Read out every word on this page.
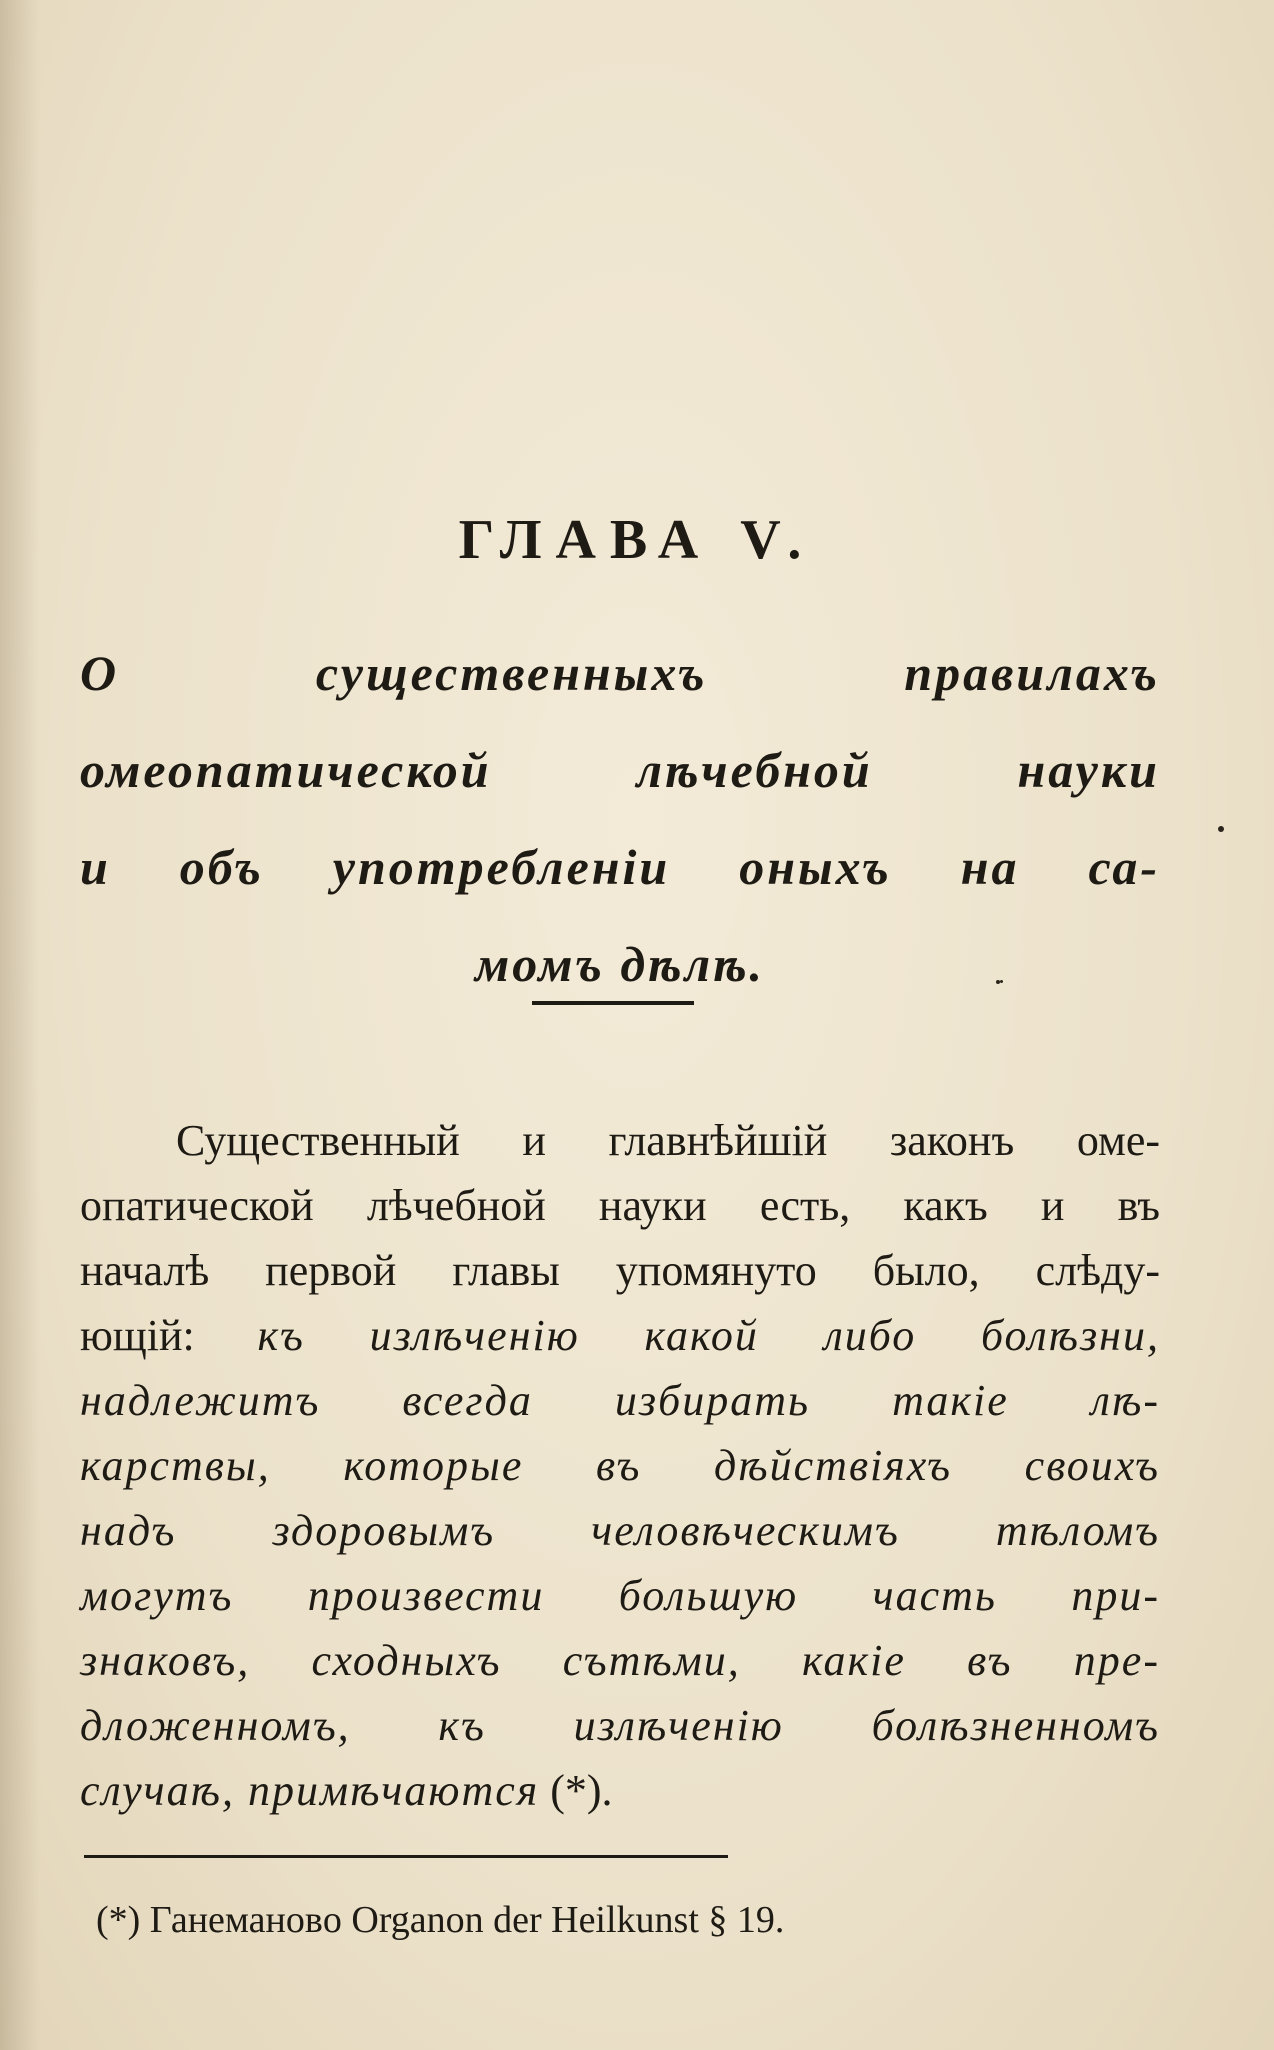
ГЛАВА V.
О существенныхъ правилахъ
омеопатической лѣчебной науки
и объ употребленiи оныхъ на са-
момъ дѣлѣ.
Существенный и главнѣйшiй законъ оме-
опатической лѣчебной науки есть, какъ и въ
началѣ первой главы упомянуто было, слѣду-
ющiй: къ излѣченiю какой либо болѣзни,
надлежитъ всегда избирать такiе лѣ-
карствы, которые въ дѣйствiяхъ своихъ
надъ здоровымъ человѣческимъ тѣломъ
могутъ произвести большую часть при-
знаковъ, сходныхъ сътѣми, какiе въ пре-
дложенномъ, къ излѣченiю болѣзненномъ
случаѣ, примѣчаются (*).
(*) Ганемановo Organon der Heilkunst § 19.
